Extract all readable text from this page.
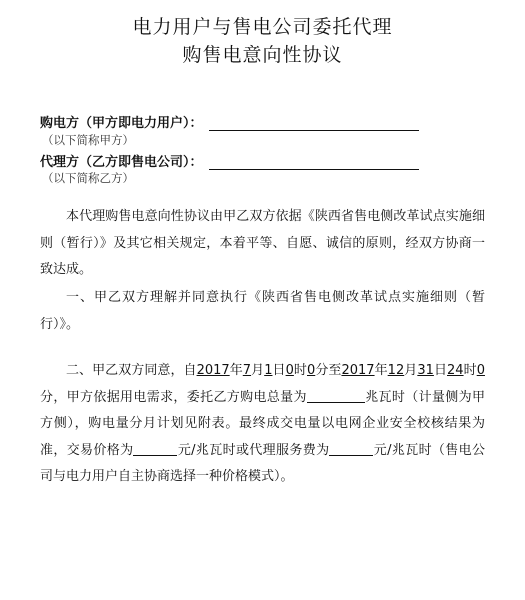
电力用户与售电公司委托代理
购售电意向性协议
购电方（甲方即电力用户）：
（以下简称甲方）
代理方（乙方即售电公司）：
（以下简称乙方）

本代理购售电意向性协议由甲乙双方依据《陕西省售电侧改革试点实施细则（暂行）》及其它相关规定，本着平等、自愿、诚信的原则，经双方协商一致达成。

一、甲乙双方理解并同意执行《陕西省售电侧改革试点实施细则（暂行）》。

二、甲乙双方同意，自2017年7月1日0时0分至2017年12月31日24时0分，甲方依据用电需求，委托乙方购电总量为	兆瓦时（计量侧为甲方侧），购电量分月计划见附表。最终成交电量以电网企业安全校核结果为准，交易价格为	元/兆瓦时或代理服务费为	元/兆瓦时（售电公司与电力用户自主协商选择一种价格模式）。
